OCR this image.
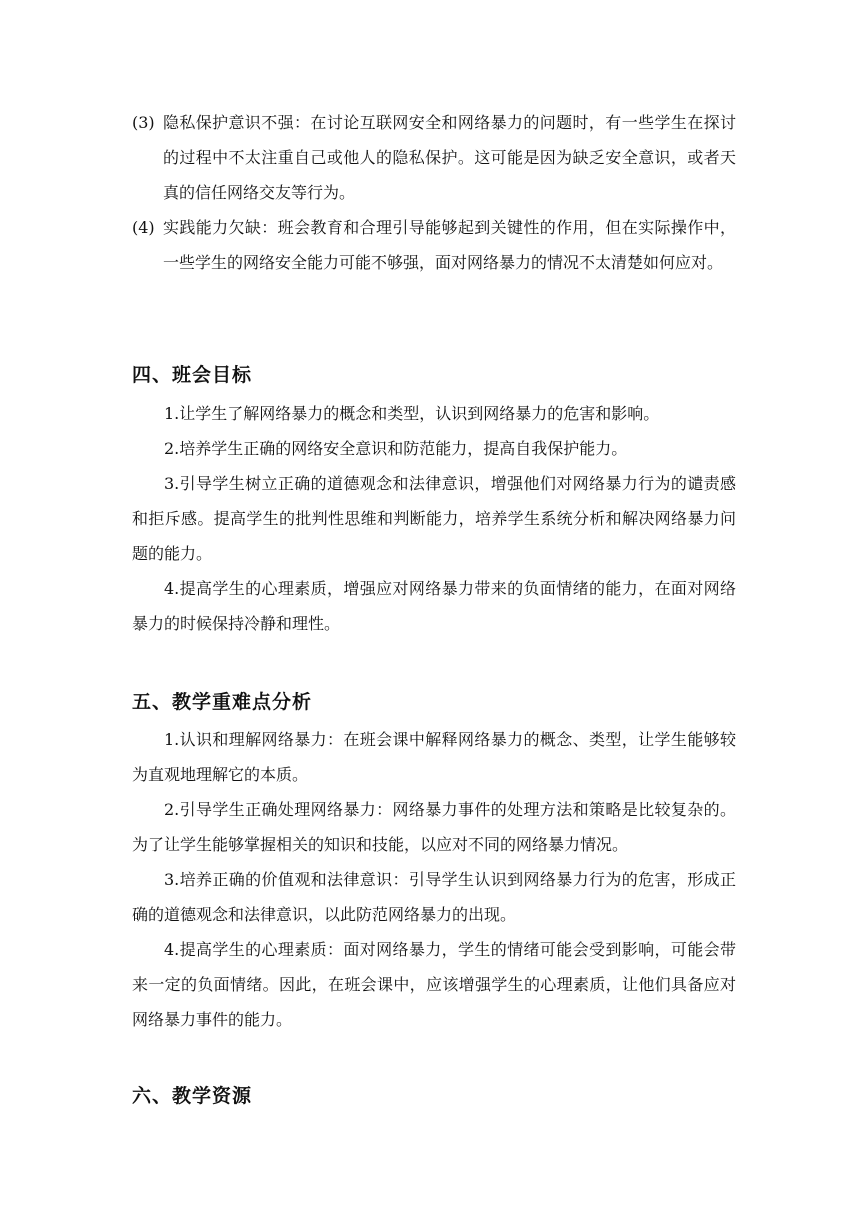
(3) 隐私保护意识不强：在讨论互联网安全和网络暴力的问题时，有一些学生在探讨的过程中不太注重自己或他人的隐私保护。这可能是因为缺乏安全意识，或者天真的信任网络交友等行为。
(4) 实践能力欠缺：班会教育和合理引导能够起到关键性的作用，但在实际操作中，一些学生的网络安全能力可能不够强，面对网络暴力的情况不太清楚如何应对。
四、班会目标
1.让学生了解网络暴力的概念和类型，认识到网络暴力的危害和影响。
2.培养学生正确的网络安全意识和防范能力，提高自我保护能力。
3.引导学生树立正确的道德观念和法律意识，增强他们对网络暴力行为的谴责感和拒斥感。提高学生的批判性思维和判断能力，培养学生系统分析和解决网络暴力问题的能力。
4.提高学生的心理素质，增强应对网络暴力带来的负面情绪的能力，在面对网络暴力的时候保持冷静和理性。
五、教学重难点分析
1.认识和理解网络暴力：在班会课中解释网络暴力的概念、类型，让学生能够较为直观地理解它的本质。
2.引导学生正确处理网络暴力：网络暴力事件的处理方法和策略是比较复杂的。为了让学生能够掌握相关的知识和技能，以应对不同的网络暴力情况。
3.培养正确的价值观和法律意识：引导学生认识到网络暴力行为的危害，形成正确的道德观念和法律意识，以此防范网络暴力的出现。
4.提高学生的心理素质：面对网络暴力，学生的情绪可能会受到影响，可能会带来一定的负面情绪。因此，在班会课中，应该增强学生的心理素质，让他们具备应对网络暴力事件的能力。
六、教学资源
